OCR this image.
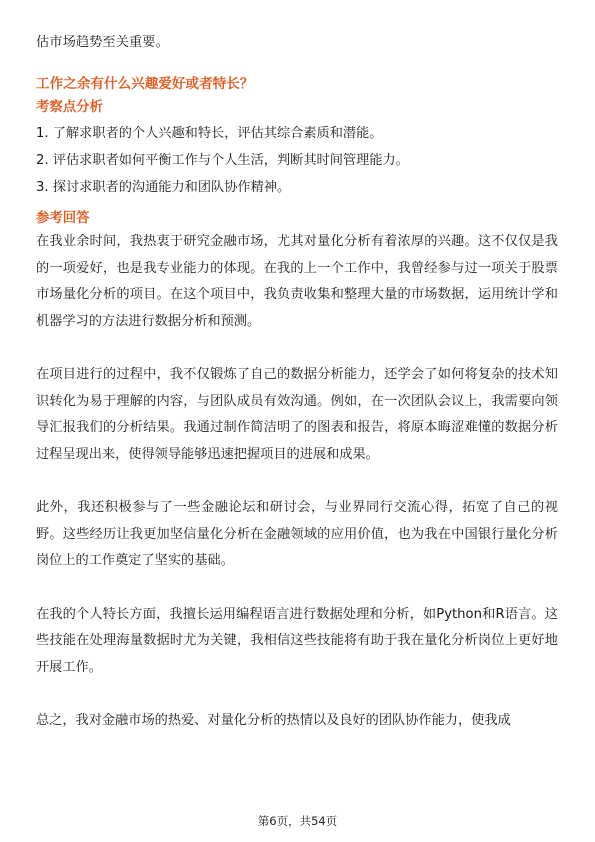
估市场趋势至关重要。

工作之余有什么兴趣爱好或者特长？

考察点分析

1. 了解求职者的个人兴趣和特长，评估其综合素质和潜能。
2. 评估求职者如何平衡工作与个人生活，判断其时间管理能力。
3. 探讨求职者的沟通能力和团队协作精神。

参考回答

在我业余时间，我热衷于研究金融市场，尤其对量化分析有着浓厚的兴趣。这不仅仅是我的一项爱好，也是我专业能力的体现。在我的上一个工作中，我曾经参与过一项关于股票市场量化分析的项目。在这个项目中，我负责收集和整理大量的市场数据，运用统计学和机器学习的方法进行数据分析和预测。

在项目进行的过程中，我不仅锻炼了自己的数据分析能力，还学会了如何将复杂的技术知识转化为易于理解的内容，与团队成员有效沟通。例如，在一次团队会议上，我需要向领导汇报我们的分析结果。我通过制作简洁明了的图表和报告，将原本晦涩难懂的数据分析过程呈现出来，使得领导能够迅速把握项目的进展和成果。

此外，我还积极参与了一些金融论坛和研讨会，与业界同行交流心得，拓宽了自己的视野。这些经历让我更加坚信量化分析在金融领域的应用价值，也为我在中国银行量化分析岗位上的工作奠定了坚实的基础。

在我的个人特长方面，我擅长运用编程语言进行数据处理和分析，如Python和R语言。这些技能在处理海量数据时尤为关键，我相信这些技能将有助于我在量化分析岗位上更好地开展工作。

总之，我对金融市场的热爱、对量化分析的热情以及良好的团队协作能力，使我成

第6页，共54页
